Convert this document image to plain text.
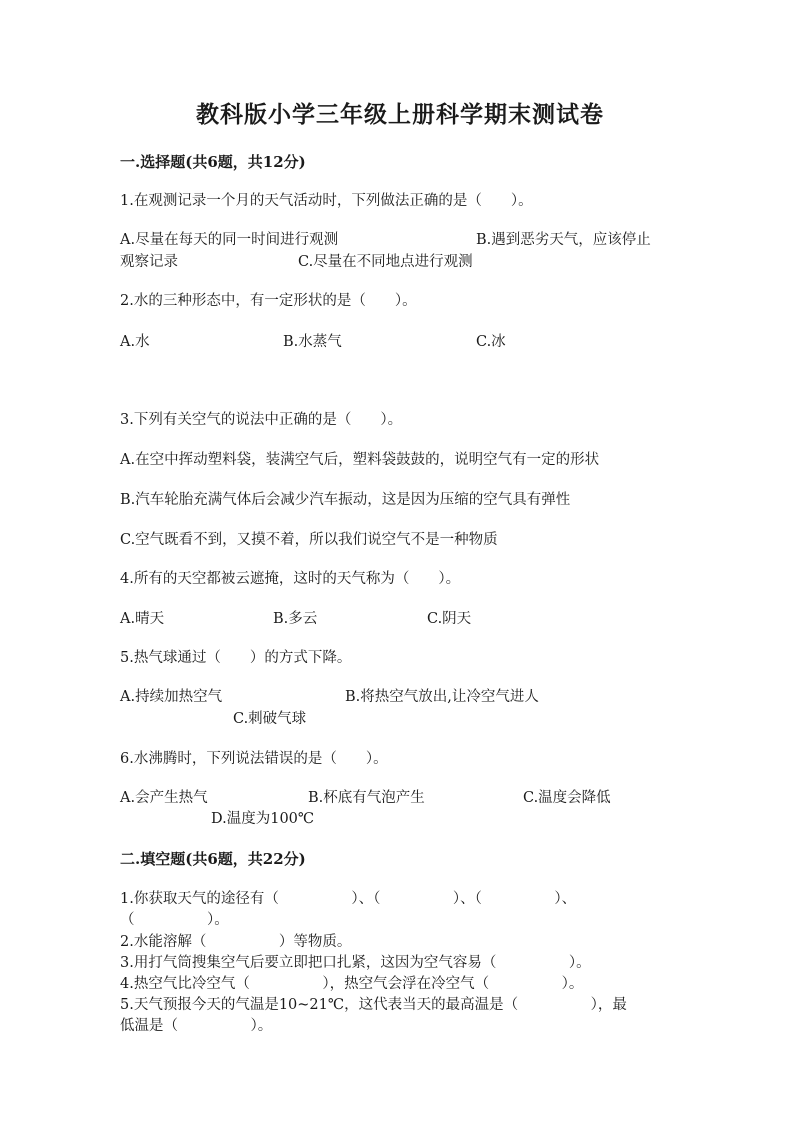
教科版小学三年级上册科学期末测试卷
一.选择题(共6题，共12分)
1.在观测记录一个月的天气活动时，下列做法正确的是（　　）。
A.尽量在每天的同一时间进行观测	B.遇到恶劣天气，应该停止
观察记录	C.尽量在不同地点进行观测
2.水的三种形态中，有一定形状的是（　　）。
A.水	B.水蒸气	C.冰
3.下列有关空气的说法中正确的是（　　）。
A.在空中挥动塑料袋，装满空气后，塑料袋鼓鼓的，说明空气有一定的形状
B.汽车轮胎充满气体后会减少汽车振动，这是因为压缩的空气具有弹性
C.空气既看不到，又摸不着，所以我们说空气不是一种物质
4.所有的天空都被云遮掩，这时的天气称为（　　）。
A.晴天	B.多云	C.阴天
5.热气球通过（　　）的方式下降。
A.持续加热空气	B.将热空气放出,让冷空气进人
C.刺破气球
6.水沸腾时，下列说法错误的是（　　）。
A.会产生热气	B.杯底有气泡产生	C.温度会降低
D.温度为100℃
二.填空题(共6题，共22分)
1.你获取天气的途径有（　　　　　）、（　　　　　）、（　　　　　）、
（　　　　　）。
2.水能溶解（　　　　　）等物质。
3.用打气筒搜集空气后要立即把口扎紧，这因为空气容易（　　　　　）。
4.热空气比冷空气（　　　　　），热空气会浮在冷空气（　　　　　）。
5.天气预报今天的气温是10~21℃，这代表当天的最高温是（　　　　　），最
低温是（　　　　　）。
